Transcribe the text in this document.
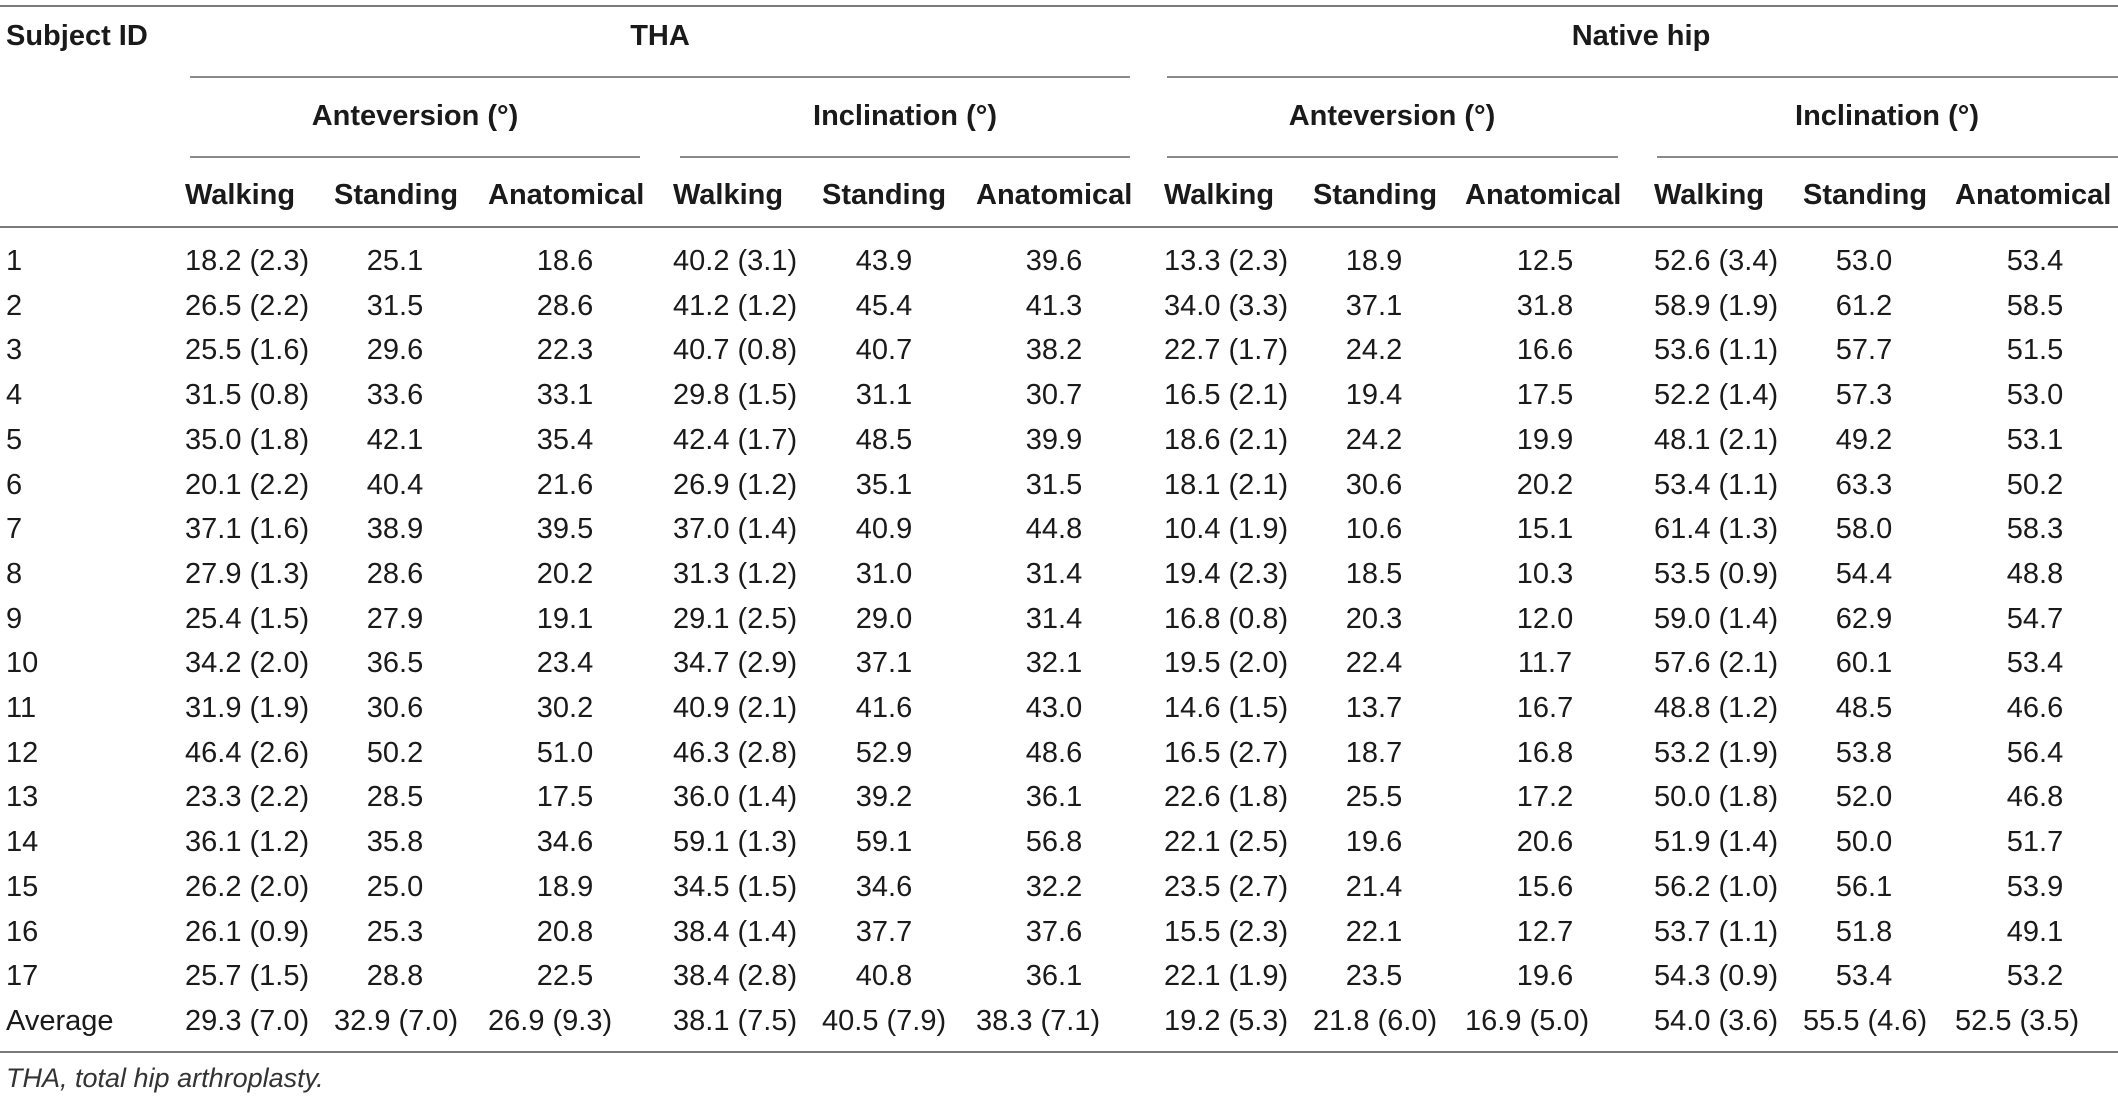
Subject ID	THA	Native hip
Anteversion (°)	Inclination (°)	Anteversion (°)	Inclination (°)
Walking Standing Anatomical Walking Standing Anatomical Walking Standing Anatomical Walking Standing Anatomical
1	18.2 (2.3) 25.1	18.6	40.2 (3.1) 43.9	39.6	13.3 (2.3) 18.9	12.5	52.6 (3.4) 53.0	53.4
2	26.5 (2.2) 31.5	28.6	41.2 (1.2) 45.4	41.3	34.0 (3.3) 37.1	31.8	58.9 (1.9) 61.2	58.5
3	25.5 (1.6) 29.6	22.3	40.7 (0.8) 40.7	38.2	22.7 (1.7) 24.2	16.6	53.6 (1.1) 57.7	51.5
4	31.5 (0.8) 33.6	33.1	29.8 (1.5) 31.1	30.7	16.5 (2.1) 19.4	17.5	52.2 (1.4) 57.3	53.0
5	35.0 (1.8) 42.1	35.4	42.4 (1.7) 48.5	39.9	18.6 (2.1) 24.2	19.9	48.1 (2.1) 49.2	53.1
6	20.1 (2.2) 40.4	21.6	26.9 (1.2) 35.1	31.5	18.1 (2.1) 30.6	20.2	53.4 (1.1) 63.3	50.2
7	37.1 (1.6) 38.9	39.5	37.0 (1.4) 40.9	44.8	10.4 (1.9) 10.6	15.1	61.4 (1.3) 58.0	58.3
8	27.9 (1.3) 28.6	20.2	31.3 (1.2) 31.0	31.4	19.4 (2.3) 18.5	10.3	53.5 (0.9) 54.4	48.8
9	25.4 (1.5) 27.9	19.1	29.1 (2.5) 29.0	31.4	16.8 (0.8) 20.3	12.0	59.0 (1.4) 62.9	54.7
10	34.2 (2.0) 36.5	23.4	34.7 (2.9) 37.1	32.1	19.5 (2.0) 22.4	11.7	57.6 (2.1) 60.1	53.4
11	31.9 (1.9) 30.6	30.2	40.9 (2.1) 41.6	43.0	14.6 (1.5) 13.7	16.7	48.8 (1.2) 48.5	46.6
12	46.4 (2.6) 50.2	51.0	46.3 (2.8) 52.9	48.6	16.5 (2.7) 18.7	16.8	53.2 (1.9) 53.8	56.4
13	23.3 (2.2) 28.5	17.5	36.0 (1.4) 39.2	36.1	22.6 (1.8) 25.5	17.2	50.0 (1.8) 52.0	46.8
14	36.1 (1.2) 35.8	34.6	59.1 (1.3) 59.1	56.8	22.1 (2.5) 19.6	20.6	51.9 (1.4) 50.0	51.7
15	26.2 (2.0) 25.0	18.9	34.5 (1.5) 34.6	32.2	23.5 (2.7) 21.4	15.6	56.2 (1.0) 56.1	53.9
16	26.1 (0.9) 25.3	20.8	38.4 (1.4) 37.7	37.6	15.5 (2.3) 22.1	12.7	53.7 (1.1) 51.8	49.1
17	25.7 (1.5) 28.8	22.5	38.4 (2.8) 40.8	36.1	22.1 (1.9) 23.5	19.6	54.3 (0.9) 53.4	53.2
Average 29.3 (7.0) 32.9 (7.0) 26.9 (9.3) 38.1 (7.5) 40.5 (7.9) 38.3 (7.1) 19.2 (5.3) 21.8 (6.0) 16.9 (5.0) 54.0 (3.6) 55.5 (4.6) 52.5 (3.5)
THA, total hip arthroplasty.
